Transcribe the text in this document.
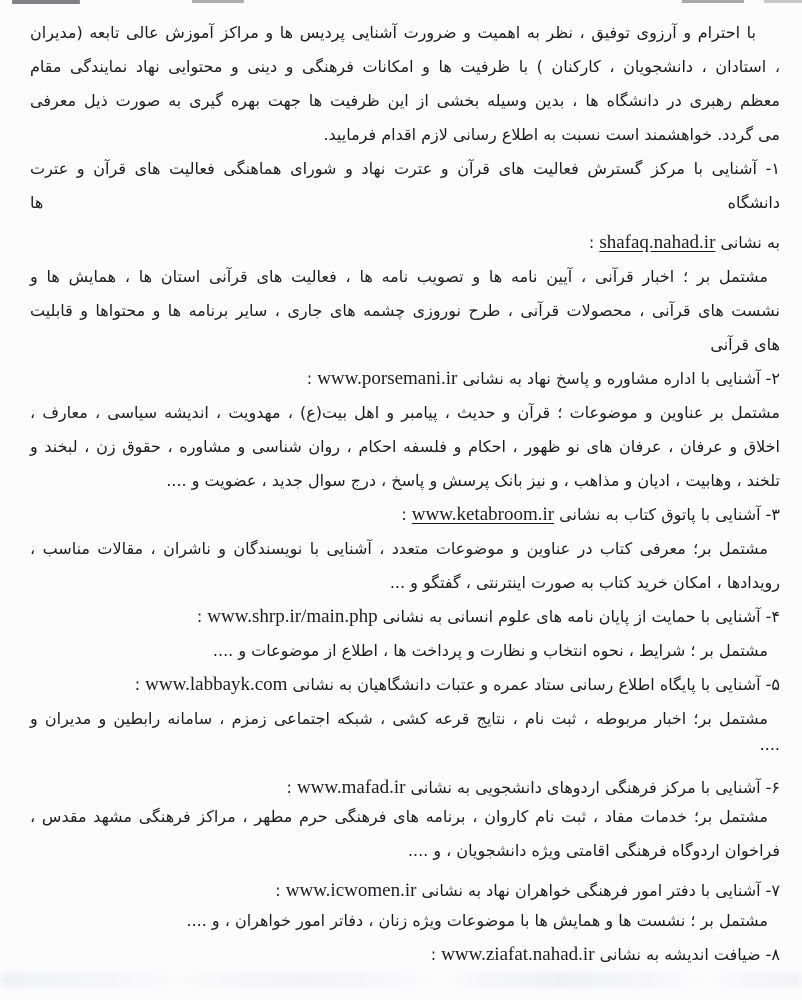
با احترام و آرزوی توفیق ، نظر به اهمیت و ضرورت آشنایی پردیس ها و مراکز آموزش عالی تابعه (مدیران
، استادان ، دانشجویان ، کارکنان ) با ظرفیت ها و امکانات فرهنگی و دینی و محتوایی نهاد نمایندگی مقام
معظم رهبری در دانشگاه ها ، بدین وسیله بخشی از این ظرفیت ها جهت بهره گیری به صورت ذیل معرفی
می گردد. خواهشمند است نسبت به اطلاع رسانی لازم اقدام فرمایید.
۱- آشنایی با مرکز گسترش فعالیت های قرآن و عترت نهاد و شورای هماهنگی فعالیت های قرآن و عترت
دانشگاه ها
به نشانی shafaq.nahad.ir :
مشتمل بر ؛ اخبار قرآنی ، آیین نامه ها و تصویب نامه ها ، فعالیت های قرآنی استان ها ، همایش ها و
نشست های قرآنی ، محصولات قرآنی ، طرح نوروزی چشمه های جاری ، سایر برنامه ها و محتواها و قابلیت
های قرآنی
۲- آشنایی با اداره مشاوره و پاسخ نهاد به نشانی www.porsemani.ir :
مشتمل بر عناوین و موضوعات ؛ قرآن و حدیث ، پیامبر و اهل بیت(ع) ، مهدویت ، اندیشه سیاسی ، معارف ،
اخلاق و عرفان ، عرفان های نو ظهور ، احکام و فلسفه احکام ، روان شناسی و مشاوره ، حقوق زن ، لبخند و
تلخند ، وهابیت ، ادیان و مذاهب ، و نیز بانک پرسش و پاسخ ، درج سوال جدید ، عضویت و ....
۳- آشنایی با پاتوق کتاب به نشانی www.ketabroom.ir :
مشتمل بر؛ معرفی کتاب در عناوین و موضوعات متعدد ، آشنایی با نویسندگان و ناشران ، مقالات مناسب ،
رویدادها ، امکان خرید کتاب به صورت اینترنتی ، گفتگو و ...
۴- آشنایی با حمایت از پایان نامه های علوم انسانی به نشانی www.shrp.ir/main.php :
مشتمل بر ؛ شرایط ، نحوه انتخاب و نظارت و پرداخت ها ، اطلاع از موضوعات و ....
۵- آشنایی با پایگاه اطلاع رسانی ستاد عمره و عتبات دانشگاهیان به نشانی www.labbayk.com :
مشتمل بر؛ اخبار مربوطه ، ثبت نام ، نتایج قرعه کشی ، شبکه اجتماعی زمزم ، سامانه رابطین و مدیران و
....
۶- آشنایی با مرکز فرهنگی اردوهای دانشجویی به نشانی www.mafad.ir :
مشتمل بر؛ خدمات مفاد ، ثبت نام کاروان ، برنامه های فرهنگی حرم مطهر ، مراکز فرهنگی مشهد مقدس ،
فراخوان اردوگاه فرهنگی اقامتی ویژه دانشجویان ، و ....
۷- آشنایی با دفتر امور فرهنگی خواهران نهاد به نشانی www.icwomen.ir :
مشتمل بر ؛ نشست ها و همایش ها با موضوعات ویژه زنان ، دفاتر امور خواهران ، و ....
۸- ضیافت اندیشه به نشانی www.ziafat.nahad.ir :
